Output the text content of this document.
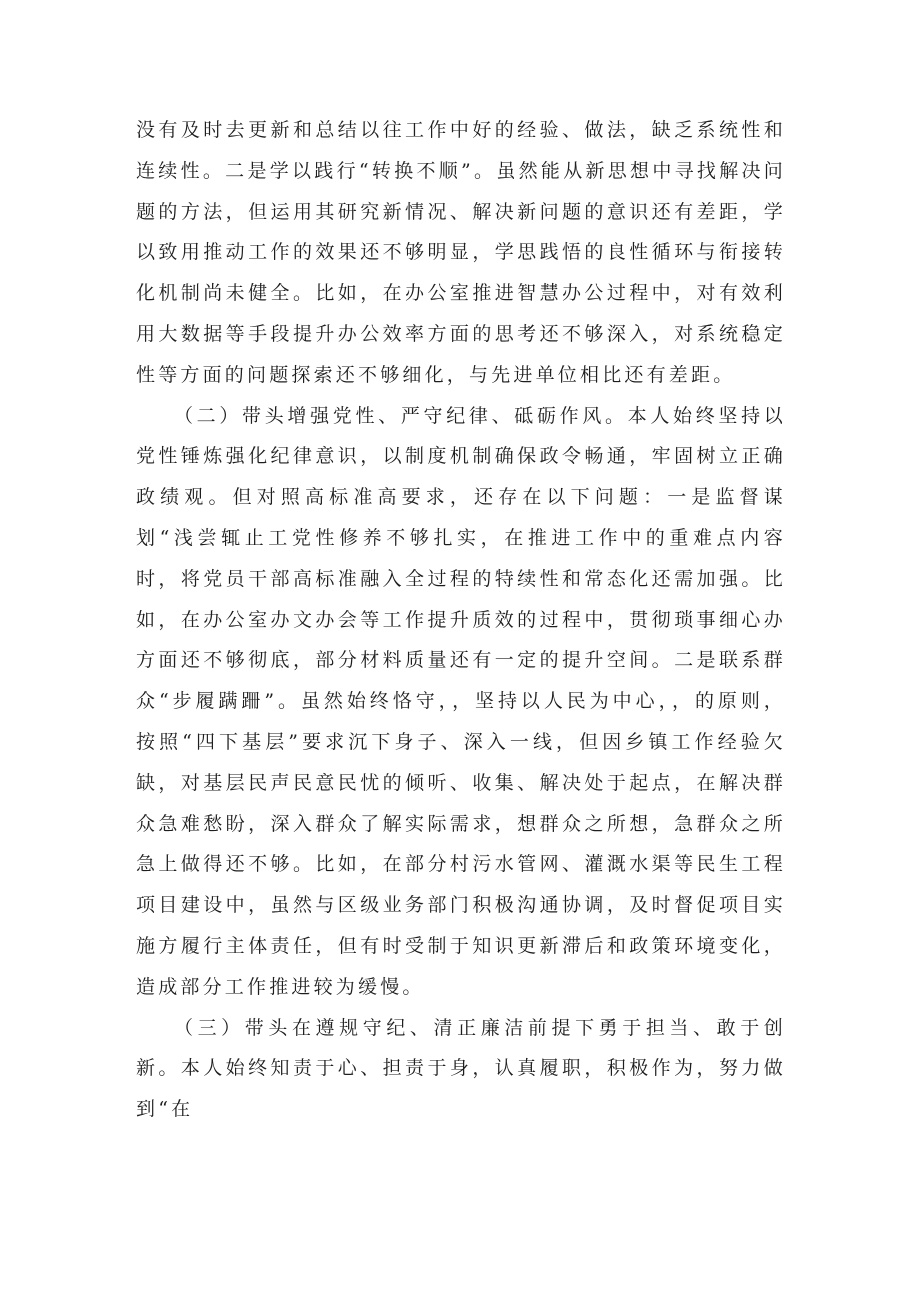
没有及时去更新和总结以往工作中好的经验、做法，缺乏系统性和连续性。二是学以践行“转换不顺”。虽然能从新思想中寻找解决问题的方法，但运用其研究新情况、解决新问题的意识还有差距，学以致用推动工作的效果还不够明显，学思践悟的良性循环与衔接转化机制尚未健全。比如，在办公室推进智慧办公过程中，对有效利用大数据等手段提升办公效率方面的思考还不够深入，对系统稳定性等方面的问题探索还不够细化，与先进单位相比还有差距。

（二）带头增强党性、严守纪律、砥砺作风。本人始终坚持以党性锤炼强化纪律意识，以制度机制确保政令畅通，牢固树立正确政绩观。但对照高标准高要求，还存在以下问题：一是监督谋划“浅尝辄止工党性修养不够扎实，在推进工作中的重难点内容时，将党员干部高标准融入全过程的特续性和常态化还需加强。比如，在办公室办文办会等工作提升质效的过程中，贯彻琐事细心办方面还不够彻底，部分材料质量还有一定的提升空间。二是联系群众“步履蹒跚”。虽然始终恪守，，坚持以人民为中心，，的原则，按照“四下基层”要求沉下身子、深入一线，但因乡镇工作经验欠缺，对基层民声民意民忧的倾听、收集、解决处于起点，在解决群众急难愁盼，深入群众了解实际需求，想群众之所想，急群众之所急上做得还不够。比如，在部分村污水管网、灌溉水渠等民生工程项目建设中，虽然与区级业务部门积极沟通协调，及时督促项目实施方履行主体责任，但有时受制于知识更新滞后和政策环境变化，造成部分工作推进较为缓慢。

（三）带头在遵规守纪、清正廉洁前提下勇于担当、敢于创新。本人始终知责于心、担责于身，认真履职，积极作为，努力做到“在
